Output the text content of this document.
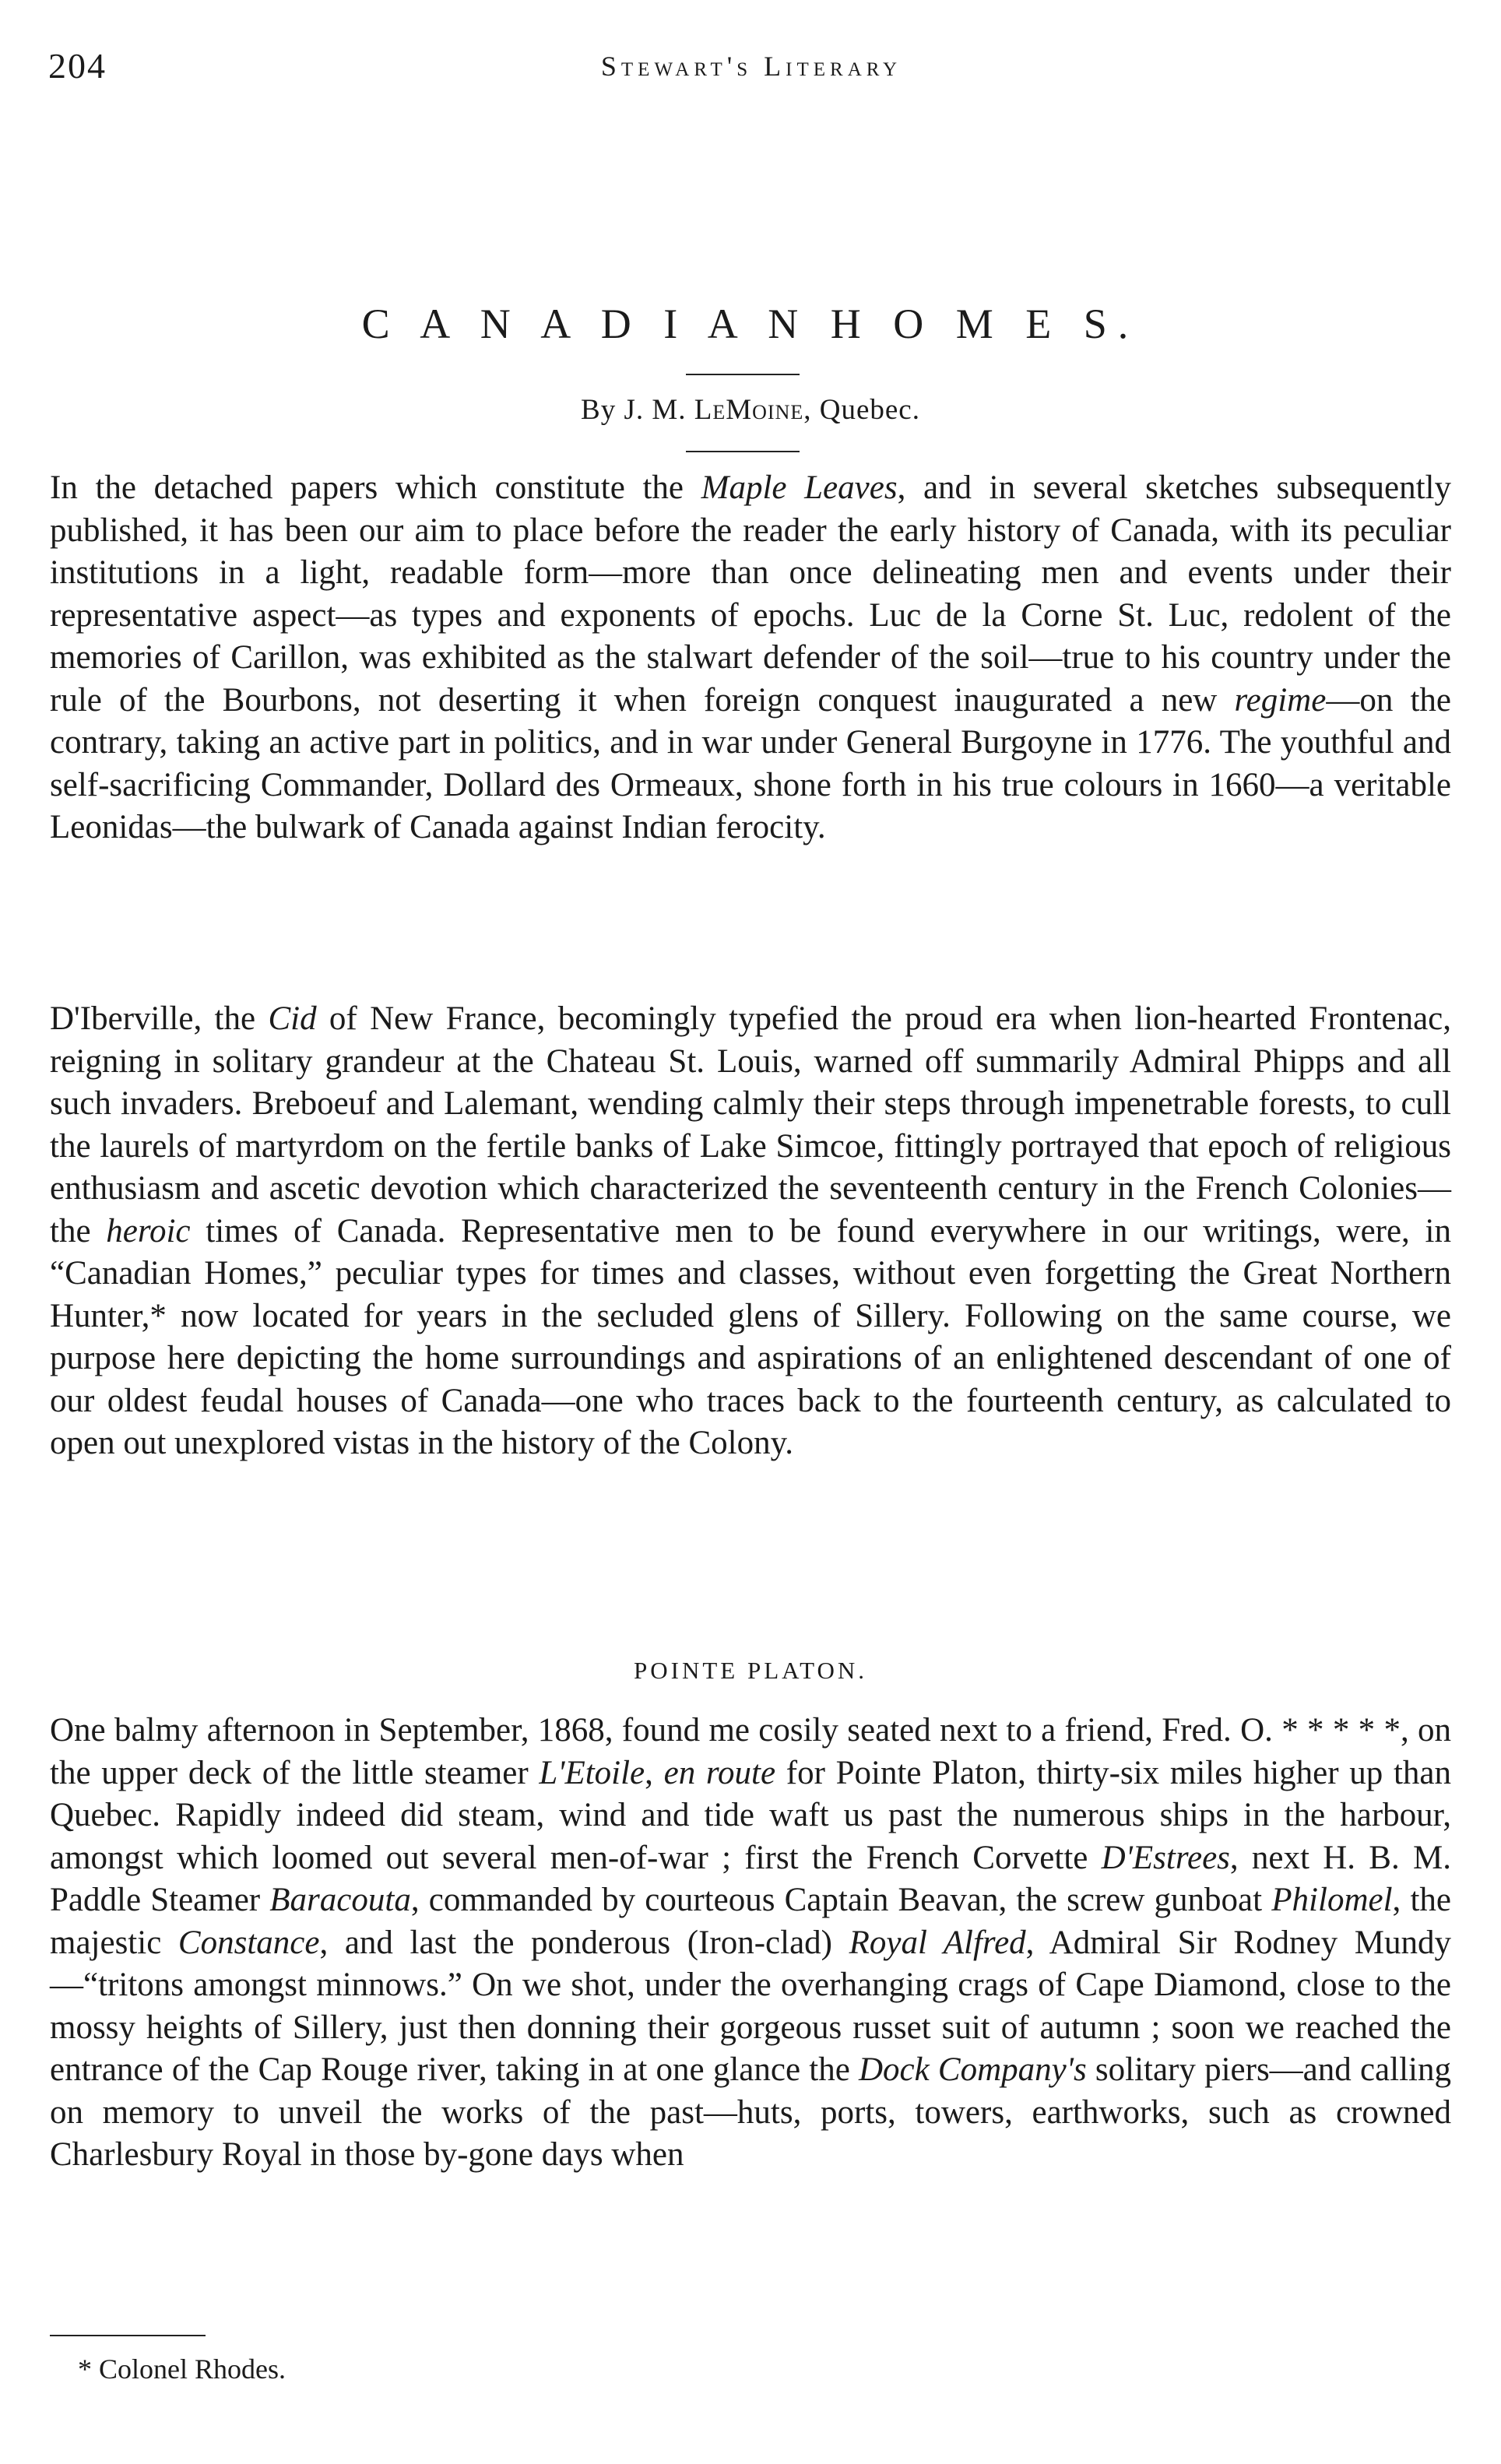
204	Stewart's Literary
C A N A D I A N H O M E S.
By J. M. LeMoine, Quebec.

In the detached papers which constitute the Maple Leaves, and in several sketches subsequently published, it has been our aim to place before the reader the early history of Canada, with its peculiar institutions in a light, readable form—more than once delineating men and events under their representative aspect—as types and exponents of epochs. Luc de la Corne St. Luc, redolent of the memories of Carillon, was exhibited as the stalwart defender of the soil—true to his country under the rule of the Bourbons, not deserting it when foreign conquest inaugurated a new regime—on the contrary, taking an active part in politics, and in war under General Burgoyne in 1776. The youthful and self-sacrificing Commander, Dollard des Ormeaux, shone forth in his true colours in 1660—a veritable Leonidas—the bulwark of Canada against Indian ferocity.

D'Iberville, the Cid of New France, becomingly typefied the proud era when lion-hearted Frontenac, reigning in solitary grandeur at the Chateau St. Louis, warned off summarily Admiral Phipps and all such invaders. Breboeuf and Lalemant, wending calmly their steps through impenetrable forests, to cull the laurels of martyrdom on the fertile banks of Lake Simcoe, fittingly portrayed that epoch of religious enthusiasm and ascetic devotion which characterized the seventeenth century in the French Colonies—the heroic times of Canada. Representative men to be found everywhere in our writings, were, in “Canadian Homes,” peculiar types for times and classes, without even forgetting the Great Northern Hunter,* now located for years in the secluded glens of Sillery. Following on the same course, we purpose here depicting the home surroundings and aspirations of an enlightened descendant of one of our oldest feudal houses of Canada—one who traces back to the fourteenth century, as calculated to open out unexplored vistas in the history of the Colony.

POINTE PLATON.

One balmy afternoon in September, 1868, found me cosily seated next to a friend, Fred. O. * * * * *, on the upper deck of the little steamer L'Etoile, en route for Pointe Platon, thirty-six miles higher up than Quebec. Rapidly indeed did steam, wind and tide waft us past the numerous ships in the harbour, amongst which loomed out several men-of-war ; first the French Corvette D'Estrees, next H. B. M. Paddle Steamer Baracouta, commanded by courteous Captain Beavan, the screw gunboat Philomel, the majestic Constance, and last the ponderous (Iron-clad) Royal Alfred, Admiral Sir Rodney Mundy —“tritons amongst minnows.” On we shot, under the overhanging crags of Cape Diamond, close to the mossy heights of Sillery, just then donning their gorgeous russet suit of autumn ; soon we reached the entrance of the Cap Rouge river, taking in at one glance the Dock Company's solitary piers—and calling on memory to unveil the works of the past—huts, ports, towers, earthworks, such as crowned Charlesbury Royal in those by-gone days when

* Colonel Rhodes.
